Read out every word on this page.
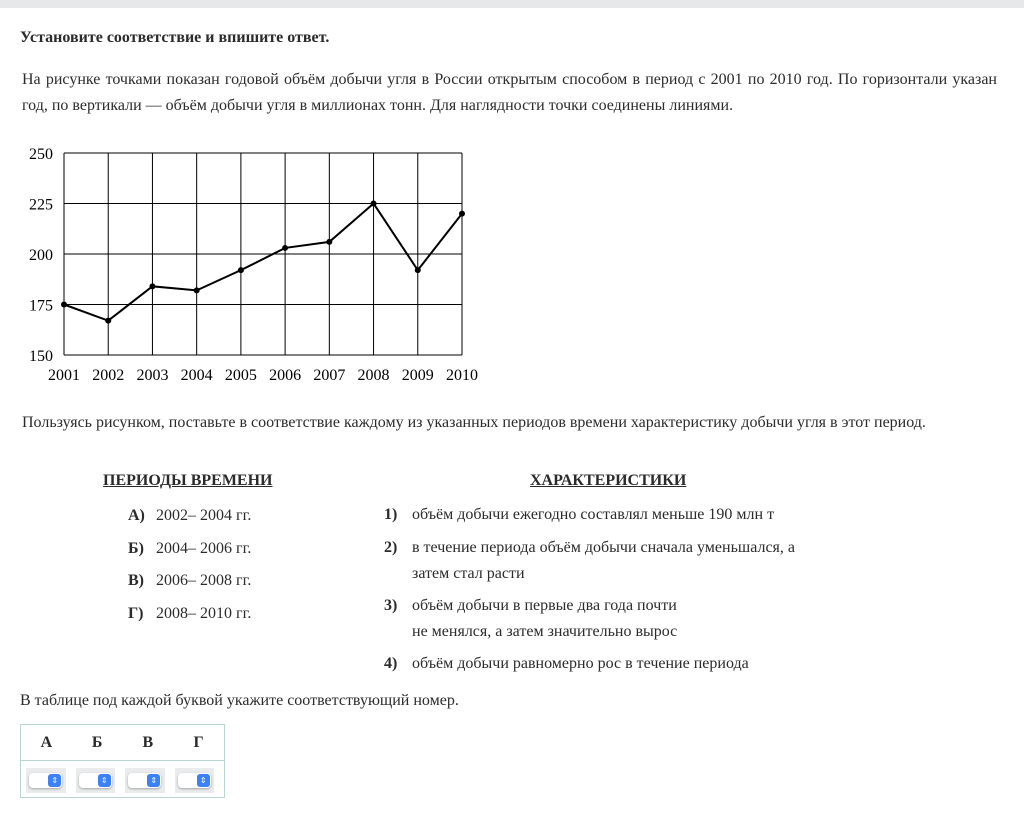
Установите соответствие и впишите ответ.
На рисунке точками показан годовой объём добычи угля в России открытым способом в период с 2001 по 2010 год. По горизонтали указан год, по вертикали — объём добычи угля в миллионах тонн. Для наглядности точки соединены линиями.
150
175
200
225
250
2001 2002 2003 2004 2005 2006 2007 2008 2009 2010
Пользуясь рисунком, поставьте в соответствие каждому из указанных периодов времени характеристику добычи угля в этот период.
ПЕРИОДЫ ВРЕМЕНИ	ХАРАКТЕРИСТИКИ
А) 2002– 2004 гг.
Б) 2004– 2006 гг.
В) 2006– 2008 гг.
Г) 2008– 2010 гг.
1) объём добычи ежегодно составлял меньше 190 млн т
2) в течение периода объём добычи сначала уменьшался, а
затем стал расти
3) объём добычи в первые два года почти
не менялся, а затем значительно вырос
4) объём добычи равномерно рос в течение периода
В таблице под каждой буквой укажите соответствующий номер.
А	Б	В	Г
⇕	⇕	⇕	⇕
